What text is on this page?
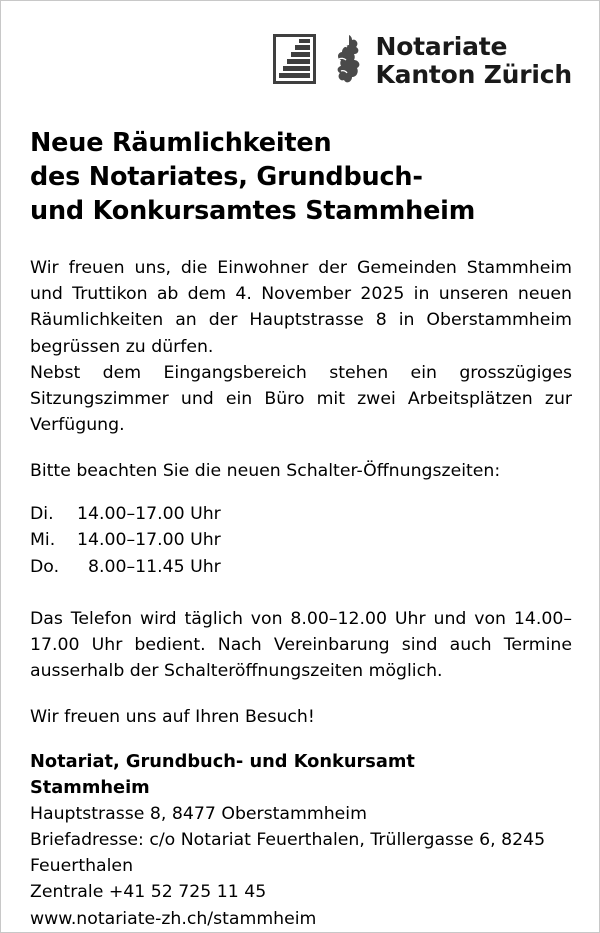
Notariate
Kanton Zürich
Neue Räumlichkeiten
des Notariates, Grundbuch-
und Konkursamtes Stammheim

Wir freuen uns, die Einwohner der Gemeinden Stammheim und Truttikon ab dem 4. November 2025 in unseren neuen Räumlichkeiten an der Hauptstrasse 8 in Oberstammheim begrüssen zu dürfen.

Nebst dem Eingangsbereich stehen ein grosszügiges Sitzungszimmer und ein Büro mit zwei Arbeitsplätzen zur Verfügung.

Bitte beachten Sie die neuen Schalter-Öffnungszeiten:

Di.	14.00–17.00 Uhr
Mi.	14.00–17.00 Uhr
Do.	8.00–11.45 Uhr

Das Telefon wird täglich von 8.00–12.00 Uhr und von 14.00–17.00 Uhr bedient. Nach Vereinbarung sind auch Termine ausserhalb der Schalteröffnungszeiten möglich.

Wir freuen uns auf Ihren Besuch!

Notariat, Grundbuch- und Konkursamt
Stammheim
Hauptstrasse 8, 8477 Oberstammheim
Briefadresse: c/o Notariat Feuerthalen, Trüllergasse 6, 8245 Feuerthalen
Zentrale +41 52 725 11 45
www.notariate-zh.ch/stammheim
